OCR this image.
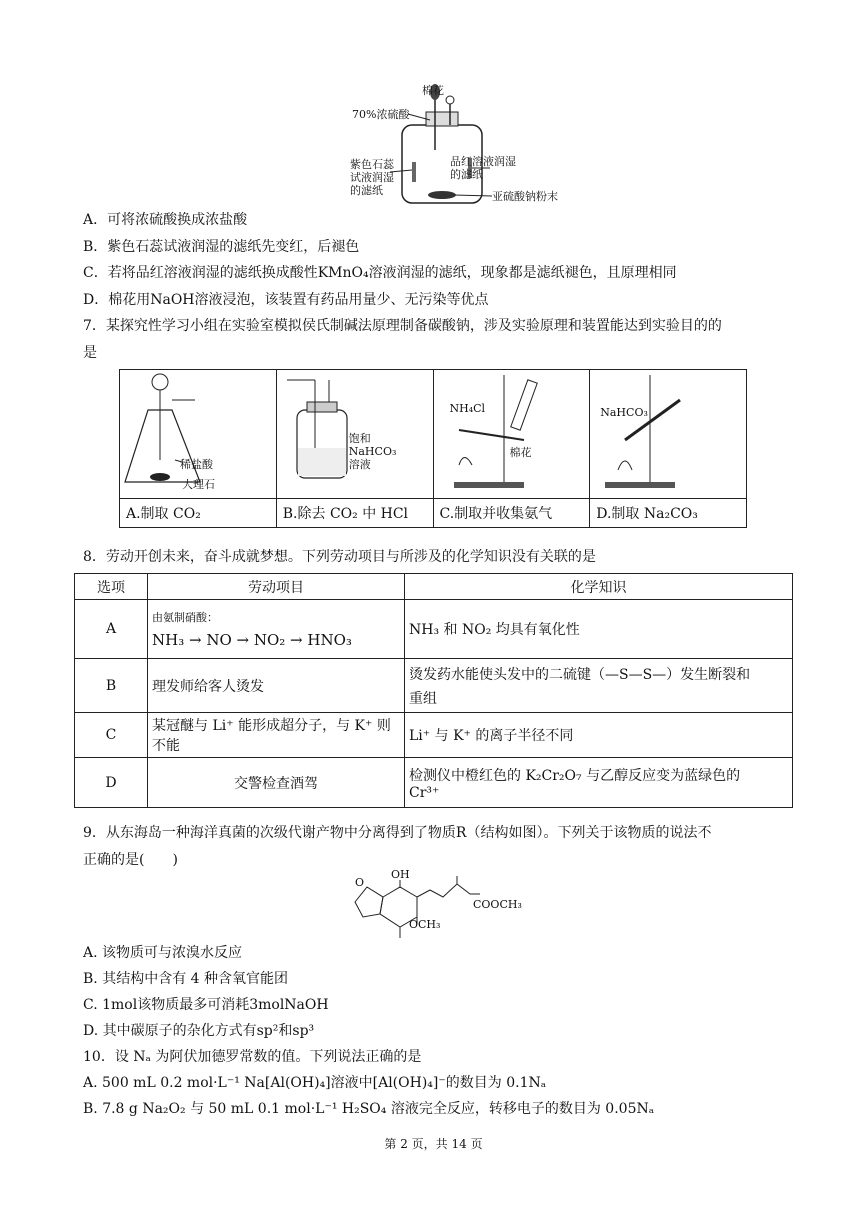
棉花
70%浓硫酸
紫色石蕊
试液润湿
的滤纸
品红溶液润湿
的滤纸
亚硫酸钠粉末
A．可将浓硫酸换成浓盐酸
B．紫色石蕊试液润湿的滤纸先变红，后褪色
C．若将品红溶液润湿的滤纸换成酸性KMnO₄溶液润湿的滤纸，现象都是滤纸褪色，且原理相同
D．棉花用NaOH溶液浸泡，该装置有药品用量少、无污染等优点
7．某探究性学习小组在实验室模拟侯氏制碱法原理制备碳酸钠，涉及实验原理和装置能达到实验目的的
是
稀盐酸
大理石	饱和
NaHCO₃
溶液	NH₄Cl
棉花	NaHCO₃

A.制取 CO₂	B.除去 CO₂ 中 HCl	C.制取并收集氨气	D.制取 Na₂CO₃
8．劳动开创未来，奋斗成就梦想。下列劳动项目与所涉及的化学知识没有关联的是
选项	劳动项目	化学知识
A	由氨制硝酸：
NH₃ → NO → NO₂ → HNO₃	NH₃ 和 NO₂ 均具有氧化性
B	理发师给客人烫发	烫发药水能使头发中的二硫键（—S—S—）发生断裂和
重组

C	某冠醚与 Li⁺ 能形成超分子，与 K⁺ 则不能	Li⁺ 与 K⁺ 的离子半径不同
D	交警检查酒驾	检测仪中橙红色的 K₂Cr₂O₇ 与乙醇反应变为蓝绿色的
Cr³⁺
9．从东海岛一种海洋真菌的次级代谢产物中分离得到了物质R（结构如图）。下列关于该物质的说法不
正确的是(　　)
OH
O
COOCH₃
OCH₃
A. 该物质可与浓溴水反应
B. 其结构中含有 4 种含氧官能团
C. 1mol该物质最多可消耗3molNaOH
D. 其中碳原子的杂化方式有sp²和sp³
10．设 Nₐ 为阿伏加德罗常数的值。下列说法正确的是
A. 500 mL 0.2 mol·L⁻¹ Na[Al(OH)₄]溶液中[Al(OH)₄]⁻的数目为 0.1Nₐ
B. 7.8 g Na₂O₂ 与 50 mL 0.1 mol·L⁻¹ H₂SO₄ 溶液完全反应，转移电子的数目为 0.05Nₐ
第 2 页，共 14 页
